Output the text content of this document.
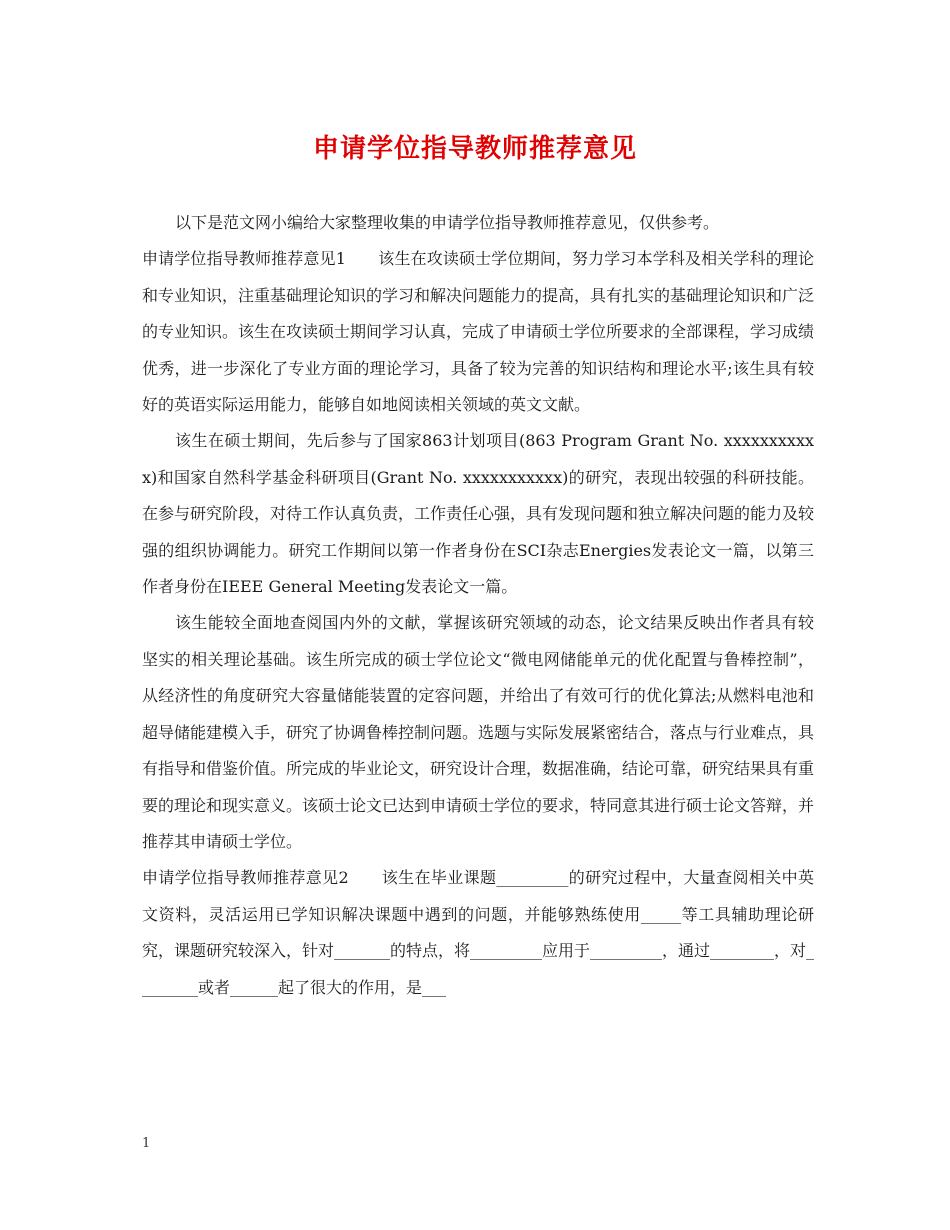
申请学位指导教师推荐意见

以下是范文网小编给大家整理收集的申请学位指导教师推荐意见，仅供参考。

申请学位指导教师推荐意见1　　该生在攻读硕士学位期间，努力学习本学科及相关学科的理论和专业知识，注重基础理论知识的学习和解决问题能力的提高，具有扎实的基础理论知识和广泛的专业知识。该生在攻读硕士期间学习认真，完成了申请硕士学位所要求的全部课程，学习成绩优秀，进一步深化了专业方面的理论学习，具备了较为完善的知识结构和理论水平;该生具有较好的英语实际运用能力，能够自如地阅读相关领域的英文文献。

该生在硕士期间，先后参与了国家863计划项目(863 Program Grant No. xxxxxxxxxxx)和国家自然科学基金科研项目(Grant No. xxxxxxxxxxx)的研究，表现出较强的科研技能。在参与研究阶段，对待工作认真负责，工作责任心强，具有发现问题和独立解决问题的能力及较强的组织协调能力。研究工作期间以第一作者身份在SCI杂志Energies发表论文一篇，以第三作者身份在IEEE General Meeting发表论文一篇。

该生能较全面地查阅国内外的文献，掌握该研究领域的动态，论文结果反映出作者具有较坚实的相关理论基础。该生所完成的硕士学位论文“微电网储能单元的优化配置与鲁棒控制”，从经济性的角度研究大容量储能装置的定容问题，并给出了有效可行的优化算法;从燃料电池和超导储能建模入手，研究了协调鲁棒控制问题。选题与实际发展紧密结合，落点与行业难点，具有指导和借鉴价值。所完成的毕业论文，研究设计合理，数据准确，结论可靠，研究结果具有重要的理论和现实意义。该硕士论文已达到申请硕士学位的要求，特同意其进行硕士论文答辩，并推荐其申请硕士学位。

申请学位指导教师推荐意见2　　该生在毕业课题_________的研究过程中，大量查阅相关中英文资料，灵活运用已学知识解决课题中遇到的问题，并能够熟练使用_____等工具辅助理论研究，课题研究较深入，针对_______的特点，将_________应用于_________，通过________，对________或者______起了很大的作用，是___

1
